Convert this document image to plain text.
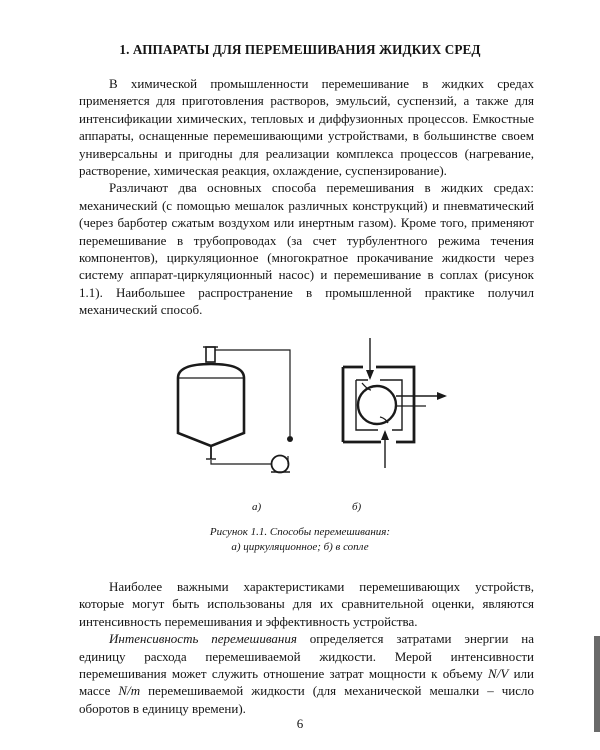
1. АППАРАТЫ ДЛЯ ПЕРЕМЕШИВАНИЯ ЖИДКИХ СРЕД

В химической промышленности перемешивание в жидких средах применяется для приготовления растворов, эмульсий, суспензий, а также для интенсификации химических, тепловых и диффузионных процессов. Емкостные аппараты, оснащенные перемешивающими устройствами, в большинстве своем универсальны и пригодны для реализации комплекса процессов (нагревание, растворение, химическая реакция, охлаждение, суспензирование).

Различают два основных способа перемешивания в жидких средах: механический (с помощью мешалок различных конструкций) и пневматический (через барботер сжатым воздухом или инертным газом). Кроме того, применяют перемешивание в трубопроводах (за счет турбулентного режима течения компонентов), циркуляционное (многократное прокачивание жидкости через систему аппарат-циркуляционный насос) и перемешивание в соплах (рисунок 1.1). Наибольшее распространение в промышленной практике получил механический способ.

а)	б)
Рисунок 1.1. Способы перемешивания:
а) циркуляционное; б) в сопле

Наиболее важными характеристиками перемешивающих устройств, которые могут быть использованы для их сравнительной оценки, являются интенсивность перемешивания и эффективность устройства.

Интенсивность перемешивания определяется затратами энергии на единицу расхода перемешиваемой жидкости. Мерой интенсивности перемешивания может служить отношение затрат мощности к объему N/V или массе N/m перемешиваемой жидкости (для механической мешалки – число оборотов в единицу времени).

6
